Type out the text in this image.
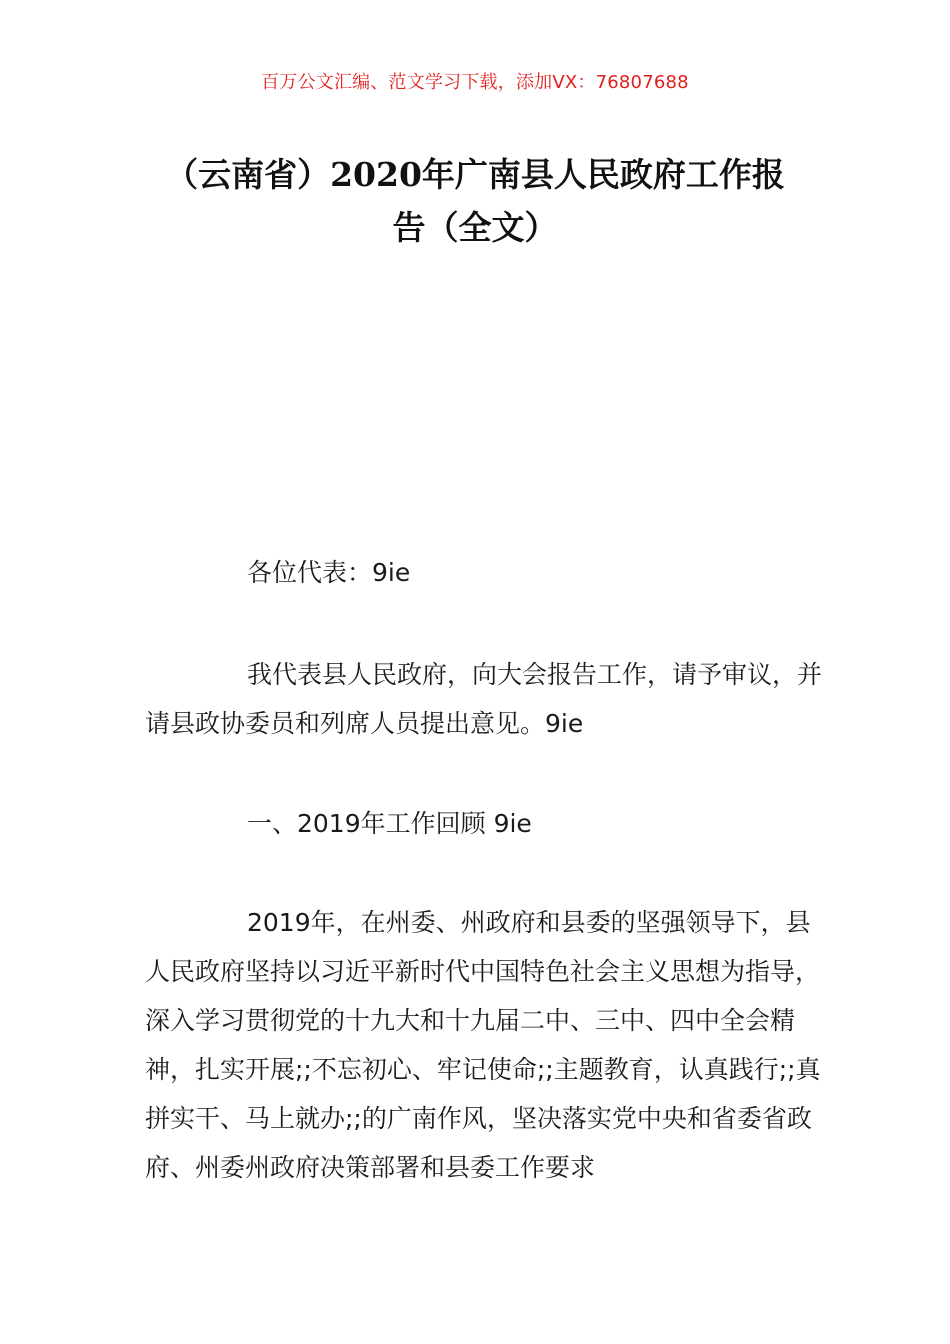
百万公文汇编、范文学习下载，添加VX：76807688
（云南省）2020年广南县人民政府工作报
告（全文）

各位代表：9ie

我代表县人民政府，向大会报告工作，请予审议，并请县政协委员和列席人员提出意见。9ie

一、2019年工作回顾 9ie

2019年，在州委、州政府和县委的坚强领导下，县人民政府坚持以习近平新时代中国特色社会主义思想为指导，深入学习贯彻党的十九大和十九届二中、三中、四中全会精神，扎实开展;;不忘初心、牢记使命;;主题教育，认真践行;;真拼实干、马上就办;;的广南作风，坚决落实党中央和省委省政府、州委州政府决策部署和县委工作要求
